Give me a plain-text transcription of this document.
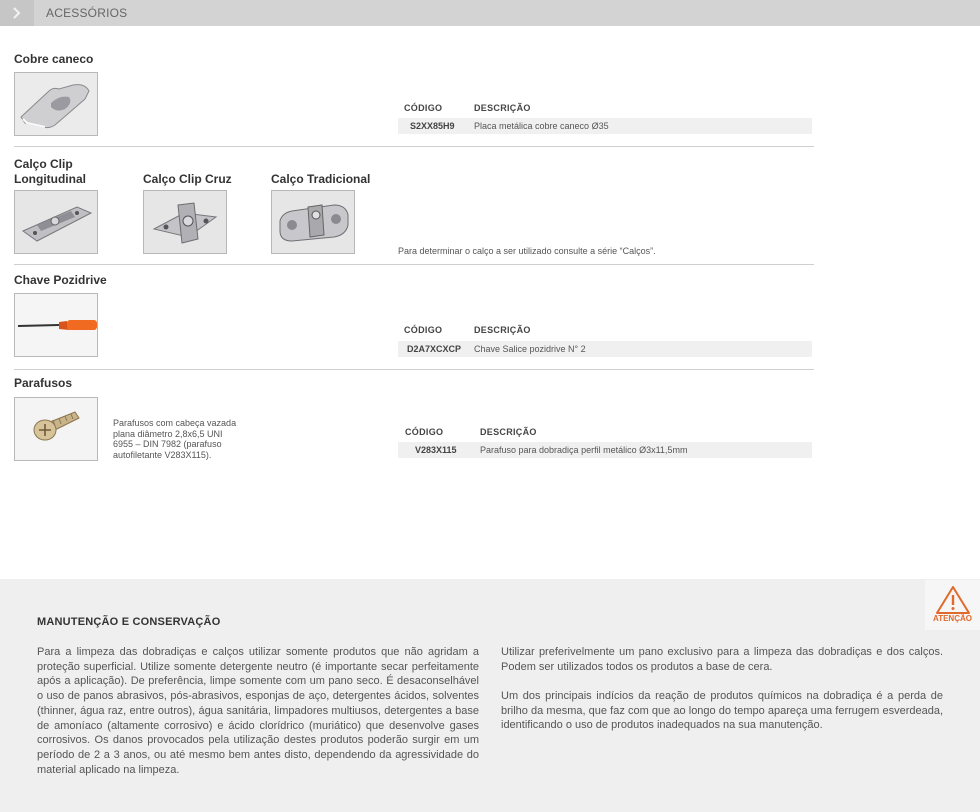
ACESSÓRIOS
Cobre caneco
CÓDIGO	DESCRIÇÃO
S2XX85H9 Placa metálica cobre caneco Ø35
Calço Clip
Longitudinal	Calço Clip Cruz	Calço Tradicional
Para determinar o calço a ser utilizado consulte a série “Calços”.
Chave Pozidrive
CÓDIGO	DESCRIÇÃO
D2A7XCXCP Chave Salice pozidrive N° 2
Parafusos
Parafusos com cabeça vazada
plana diâmetro 2,8x6,5 UNI
6955 – DIN 7982 (parafuso
autofiletante V283X115).
CÓDIGO	DESCRIÇÃO
V283X115	Parafuso para dobradiça perfil metálico Ø3x11,5mm
ATENÇÃO
MANUTENÇÃO E CONSERVAÇÃO
Para a limpeza das dobradiças e calços utilizar somente produtos que não agridam a proteção superficial. Utilize somente detergente neutro (é importante secar perfeitamente após a aplicação). De preferência, limpe somente com um pano seco. É desaconselhável o uso de panos abrasivos, pós-abrasivos, esponjas de aço, detergentes ácidos, solventes (thinner, água raz, entre outros), água sanitária, limpadores multiusos, detergentes a base de amoníaco (altamente corrosivo) e ácido clorídrico (muriático) que desenvolve gases corrosivos. Os danos provocados pela utilização destes produtos poderão surgir em um período de 2 a 3 anos, ou até mesmo bem antes disto, dependendo da agressividade do material aplicado na limpeza.
Utilizar preferivelmente um pano exclusivo para a limpeza das dobradiças e dos calços. Podem ser utilizados todos os produtos a base de cera.
Um dos principais indícios da reação de produtos químicos na dobradiça é a perda de brilho da mesma, que faz com que ao longo do tempo apareça uma ferrugem esverdeada, identificando o uso de produtos inadequados na sua manutenção.
